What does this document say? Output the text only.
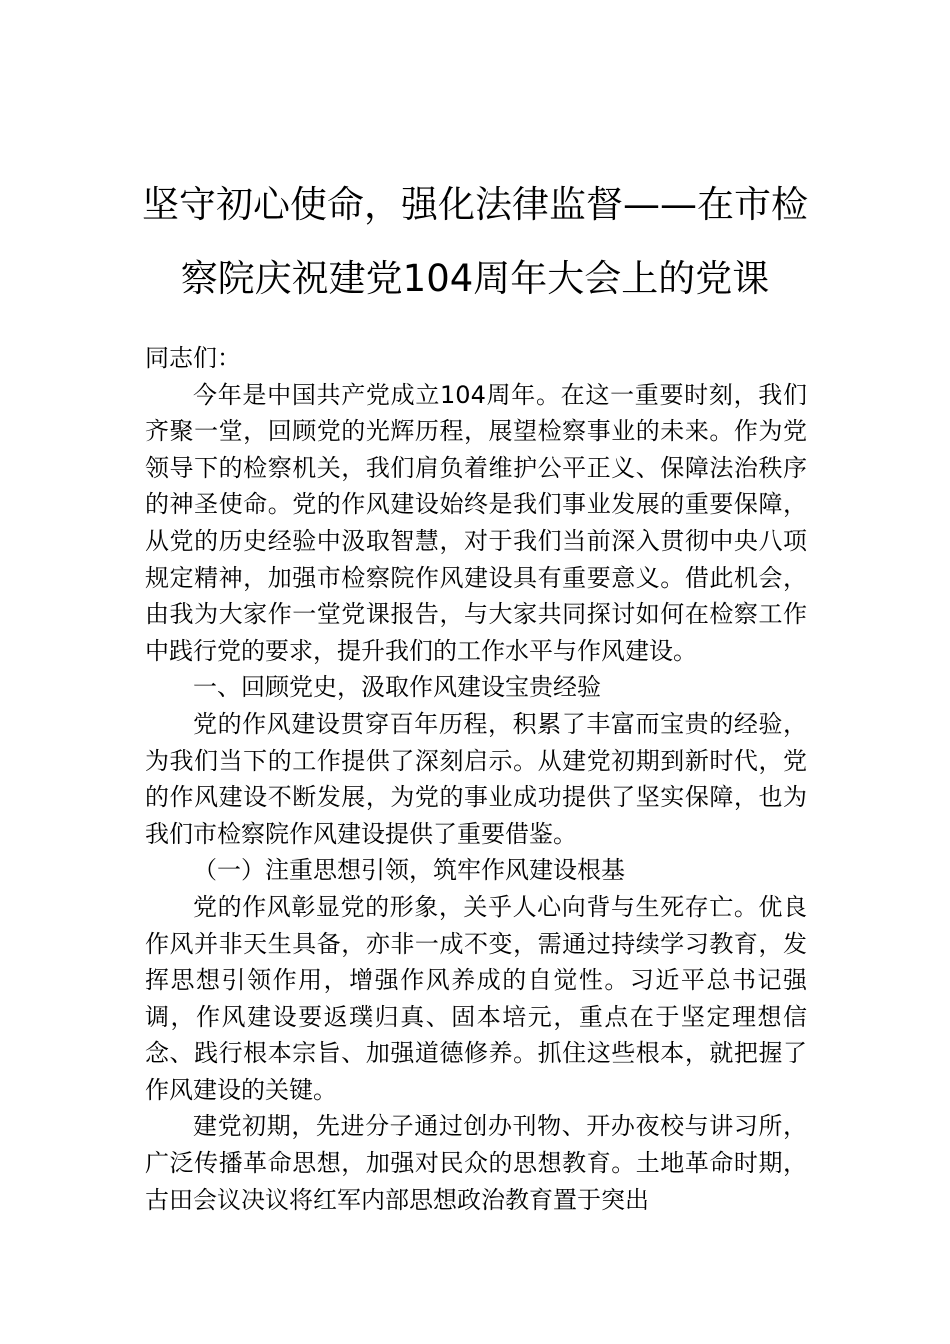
坚守初心使命，强化法律监督——在市检
察院庆祝建党104周年大会上的党课

同志们：

今年是中国共产党成立104周年。在这一重要时刻，我们齐聚一堂，回顾党的光辉历程，展望检察事业的未来。作为党领导下的检察机关，我们肩负着维护公平正义、保障法治秩序的神圣使命。党的作风建设始终是我们事业发展的重要保障，从党的历史经验中汲取智慧，对于我们当前深入贯彻中央八项规定精神，加强市检察院作风建设具有重要意义。借此机会，由我为大家作一堂党课报告，与大家共同探讨如何在检察工作中践行党的要求，提升我们的工作水平与作风建设。

一、回顾党史，汲取作风建设宝贵经验

党的作风建设贯穿百年历程，积累了丰富而宝贵的经验，为我们当下的工作提供了深刻启示。从建党初期到新时代，党的作风建设不断发展，为党的事业成功提供了坚实保障，也为我们市检察院作风建设提供了重要借鉴。

（一）注重思想引领，筑牢作风建设根基

党的作风彰显党的形象，关乎人心向背与生死存亡。优良作风并非天生具备，亦非一成不变，需通过持续学习教育，发挥思想引领作用，增强作风养成的自觉性。习近平总书记强调，作风建设要返璞归真、固本培元，重点在于坚定理想信念、践行根本宗旨、加强道德修养。抓住这些根本，就把握了作风建设的关键。

建党初期，先进分子通过创办刊物、开办夜校与讲习所，广泛传播革命思想，加强对民众的思想教育。土地革命时期，古田会议决议将红军内部思想政治教育置于突出
